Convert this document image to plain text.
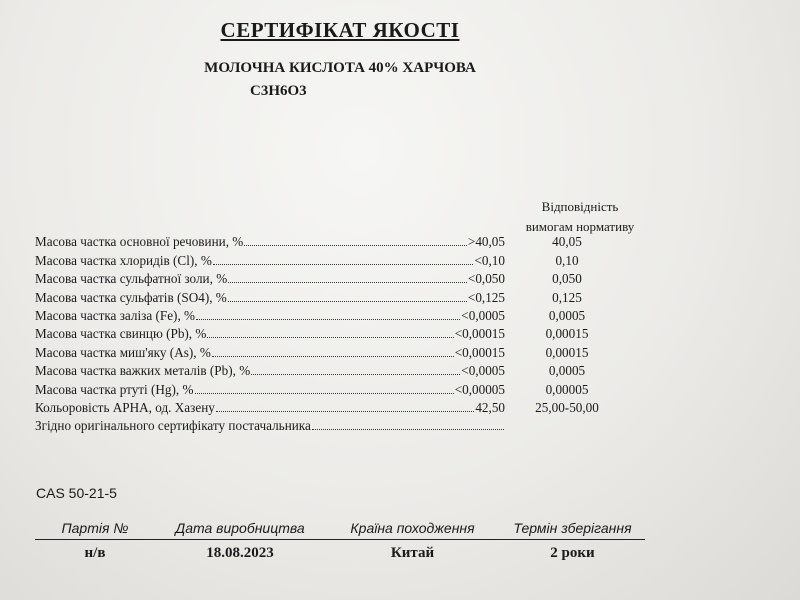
СЕРТИФІКАТ ЯКОСТІ
МОЛОЧНА КИСЛОТА 40% ХАРЧОВА
C3H6O3
Відповідність
вимогам нормативу
Масова частка основної речовини, %	>40,05	40,05
Масова частка хлоридів (Cl), %	<0,10	0,10
Масова частка сульфатної золи, %	<0,050	0,050
Масова частка сульфатів (SO4), %	<0,125	0,125
Масова частка заліза (Fe), %	<0,0005	0,0005
Масова частка свинцю (Pb), %	<0,00015	0,00015
Масова частка миш'яку (As), %	<0,00015	0,00015
Масова частка важких металів (Pb), %	<0,0005	0,0005
Масова частка ртуті (Hg), %	<0,00005	0,00005
Кольоровість АРНА, од. Хазену	42,50	25,00-50,00
Згідно оригінального сертифікату постачальника
CAS 50-21-5
Партія №	Дата виробництва	Країна походження	Термін зберігання
н/в	18.08.2023	Китай	2 роки
